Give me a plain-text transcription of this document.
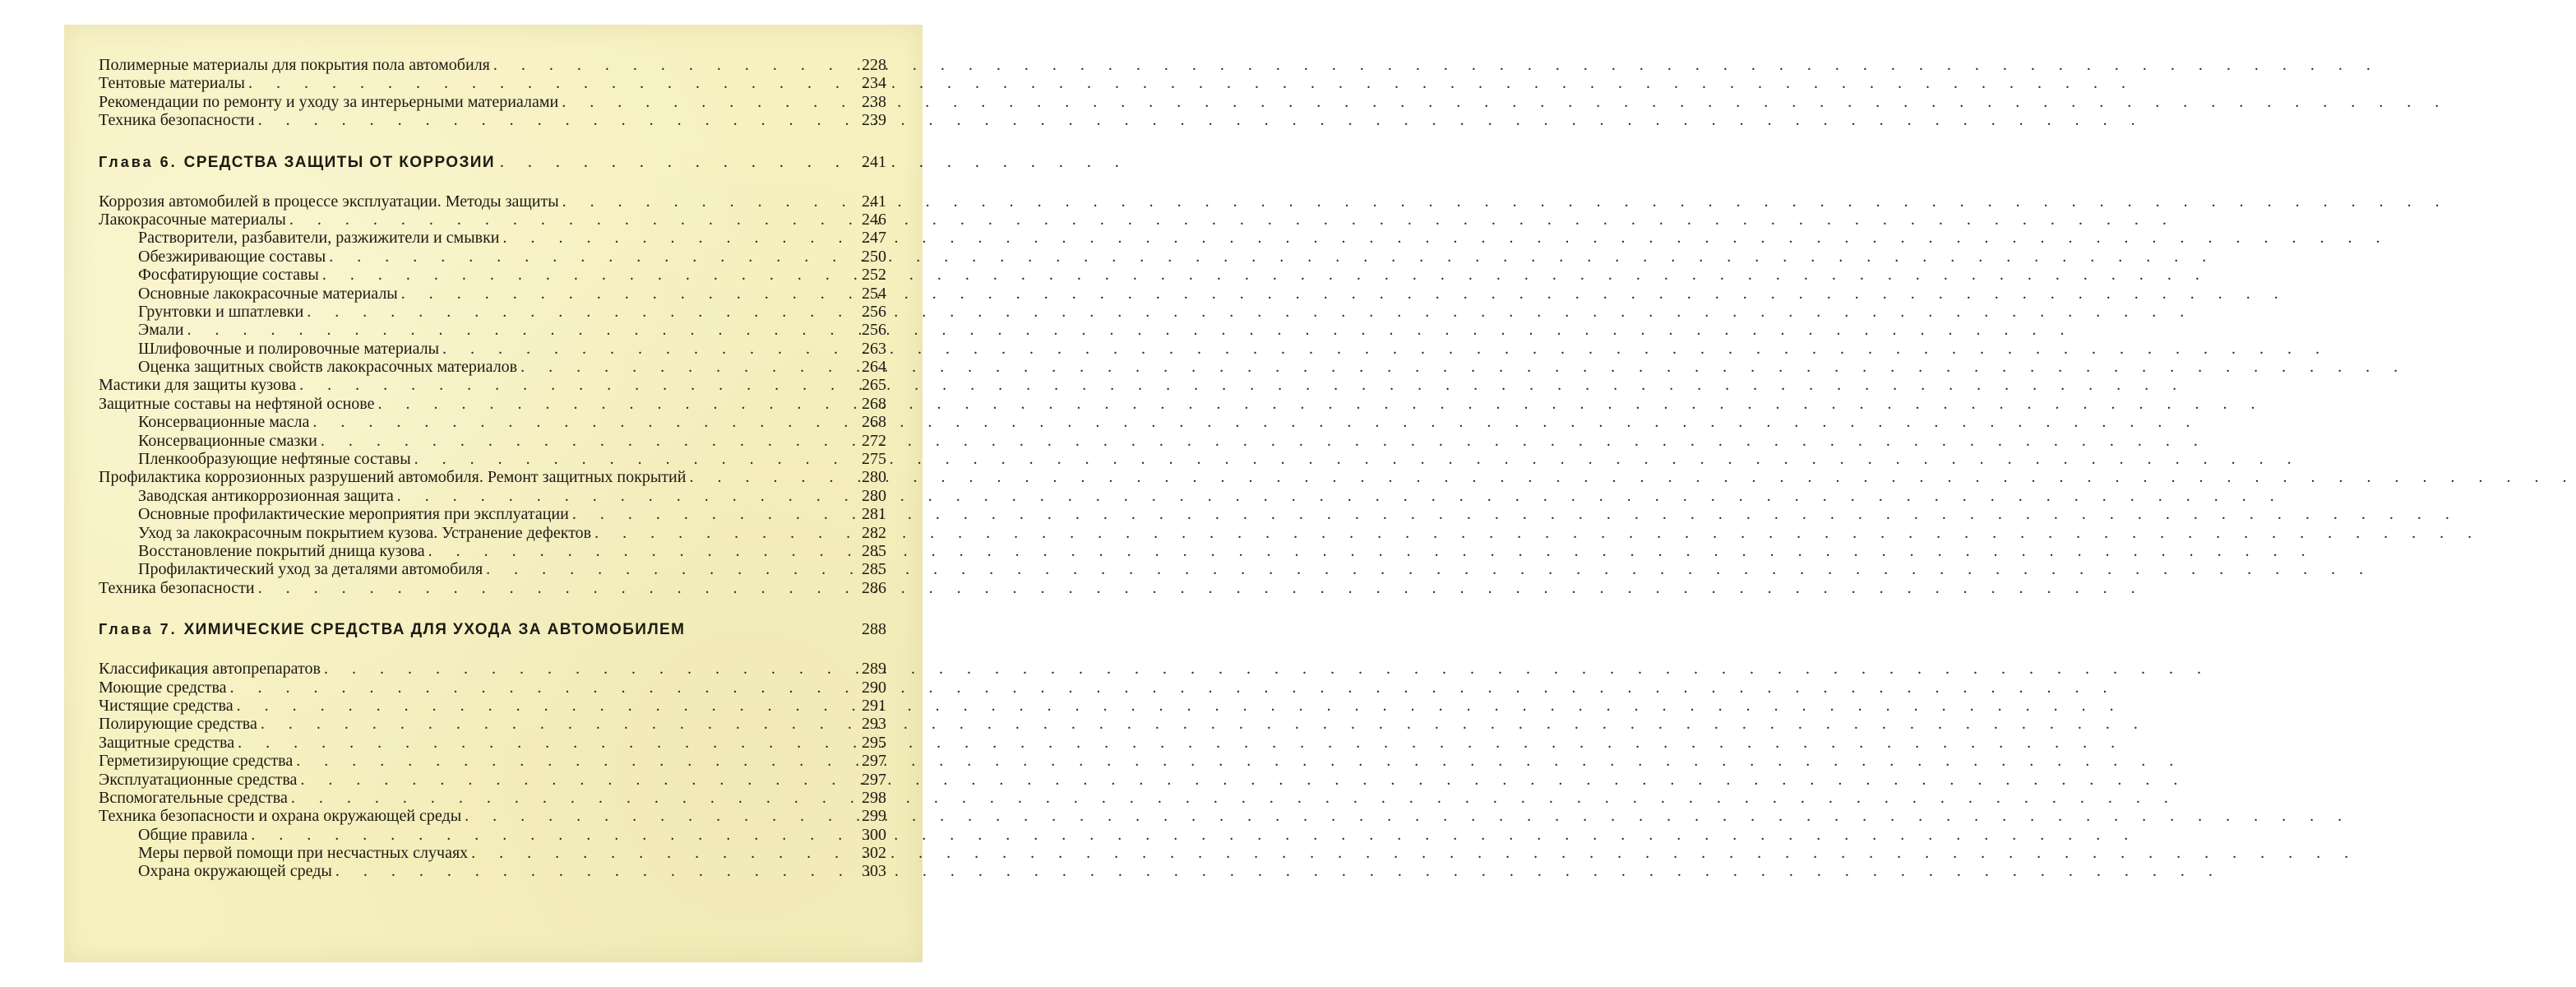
Полимерные материалы для покрытия пола автомобиля . . .	228
Тентовые материалы . . .	234
Рекомендации по ремонту и уходу за интерьерными материалами . . .	238
Техника безопасности . . .	239
Глава 6. СРЕДСТВА ЗАЩИТЫ ОТ КОРРОЗИИ . . .	241
Коррозия автомобилей в процессе эксплуатации. Методы защиты . . .	241
Лакокрасочные материалы . . .	246
Растворители, разбавители, разжижители и смывки . . .	247
Обезжиривающие составы . . .	250
Фосфатирующие составы . . .	252
Основные лакокрасочные материалы . . .	254
Грунтовки и шпатлевки . . .	256
Эмали . . .	256
Шлифовочные и полировочные материалы . . .	263
Оценка защитных свойств лакокрасочных материалов . . .	264
Мастики для защиты кузова . . .	265
Защитные составы на нефтяной основе . . .	268
Консервационные масла . . .	268
Консервационные смазки . . .	272
Пленкообразующие нефтяные составы . . .	275
Профилактика коррозионных разрушений автомобиля. Ремонт защитных покрытий . . .	280
Заводская антикоррозионная защита . . .	280
Основные профилактические мероприятия при эксплуатации . . .	281
Уход за лакокрасочным покрытием кузова. Устранение дефектов . . .	282
Восстановление покрытий днища кузова . . .	285
Профилактический уход за деталями автомобиля . . .	285
Техника безопасности . . .	286
Глава 7. ХИМИЧЕСКИЕ СРЕДСТВА ДЛЯ УХОДА ЗА АВТОМОБИЛЕМ	288
Классификация автопрепаратов . . .	289
Моющие средства . . .	290
Чистящие средства . . .	291
Полирующие средства . . .	293
Защитные средства . . .	295
Герметизирующие средства . . .	297
Эксплуатационные средства . . .	297
Вспомогательные средства . . .	298
Техника безопасности и охрана окружающей среды . . .	299
Общие правила . . .	300
Меры первой помощи при несчастных случаях . . .	302
Охрана окружающей среды . . .	303
